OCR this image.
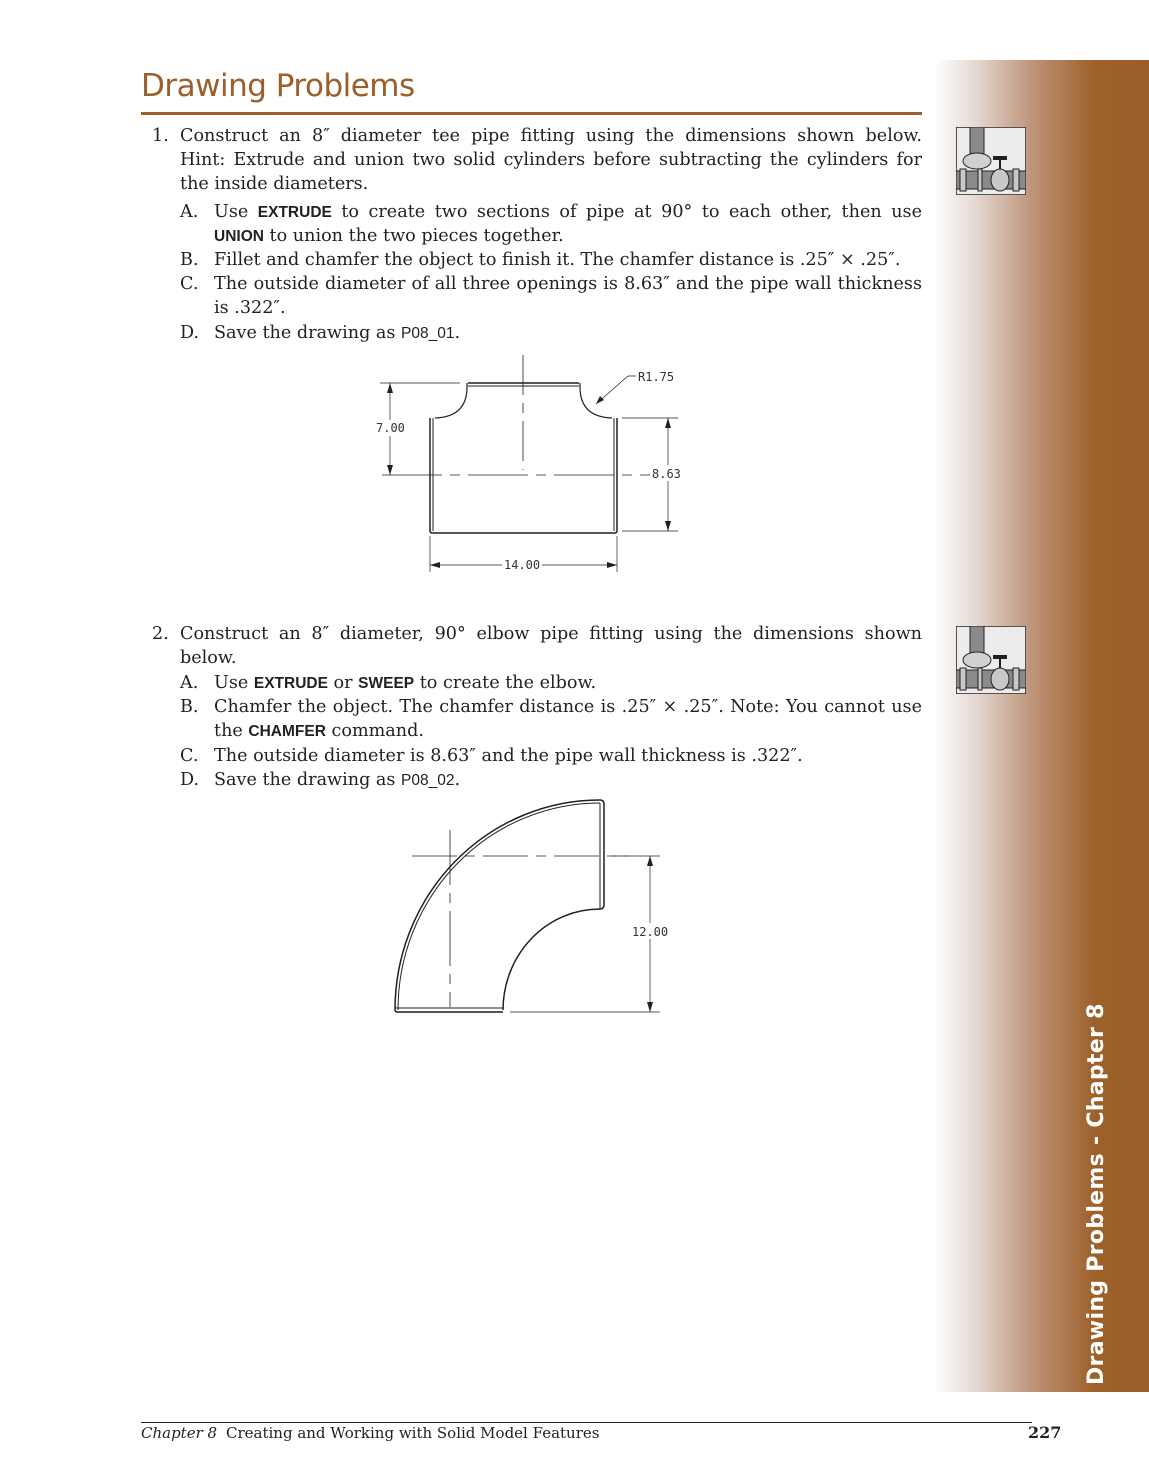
Drawing Problems
Drawing Problems - Chapter 8
1. Construct an 8″ diameter tee pipe fitting using the dimensions shown below.
Hint: Extrude and union two solid cylinders before subtracting the cylinders for
the inside diameters.
A. Use EXTRUDE to create two sections of pipe at 90° to each other, then use
UNION to union the two pieces together.
B. Fillet and chamfer the object to finish it. The chamfer distance is .25″ × .25″.
C. The outside diameter of all three openings is 8.63″ and the pipe wall thickness
is .322″.
D. Save the drawing as P08_01.
7.00
8.63
14.00
R1.75
2. Construct an 8″ diameter, 90° elbow pipe fitting using the dimensions shown
below.
A. Use EXTRUDE or SWEEP to create the elbow.
B. Chamfer the object. The chamfer distance is .25″ × .25″. Note: You cannot use
the CHAMFER command.
C. The outside diameter is 8.63″ and the pipe wall thickness is .322″.
D. Save the drawing as P08_02.
12.00
Chapter 8 Creating and Working with Solid Model Features	227
